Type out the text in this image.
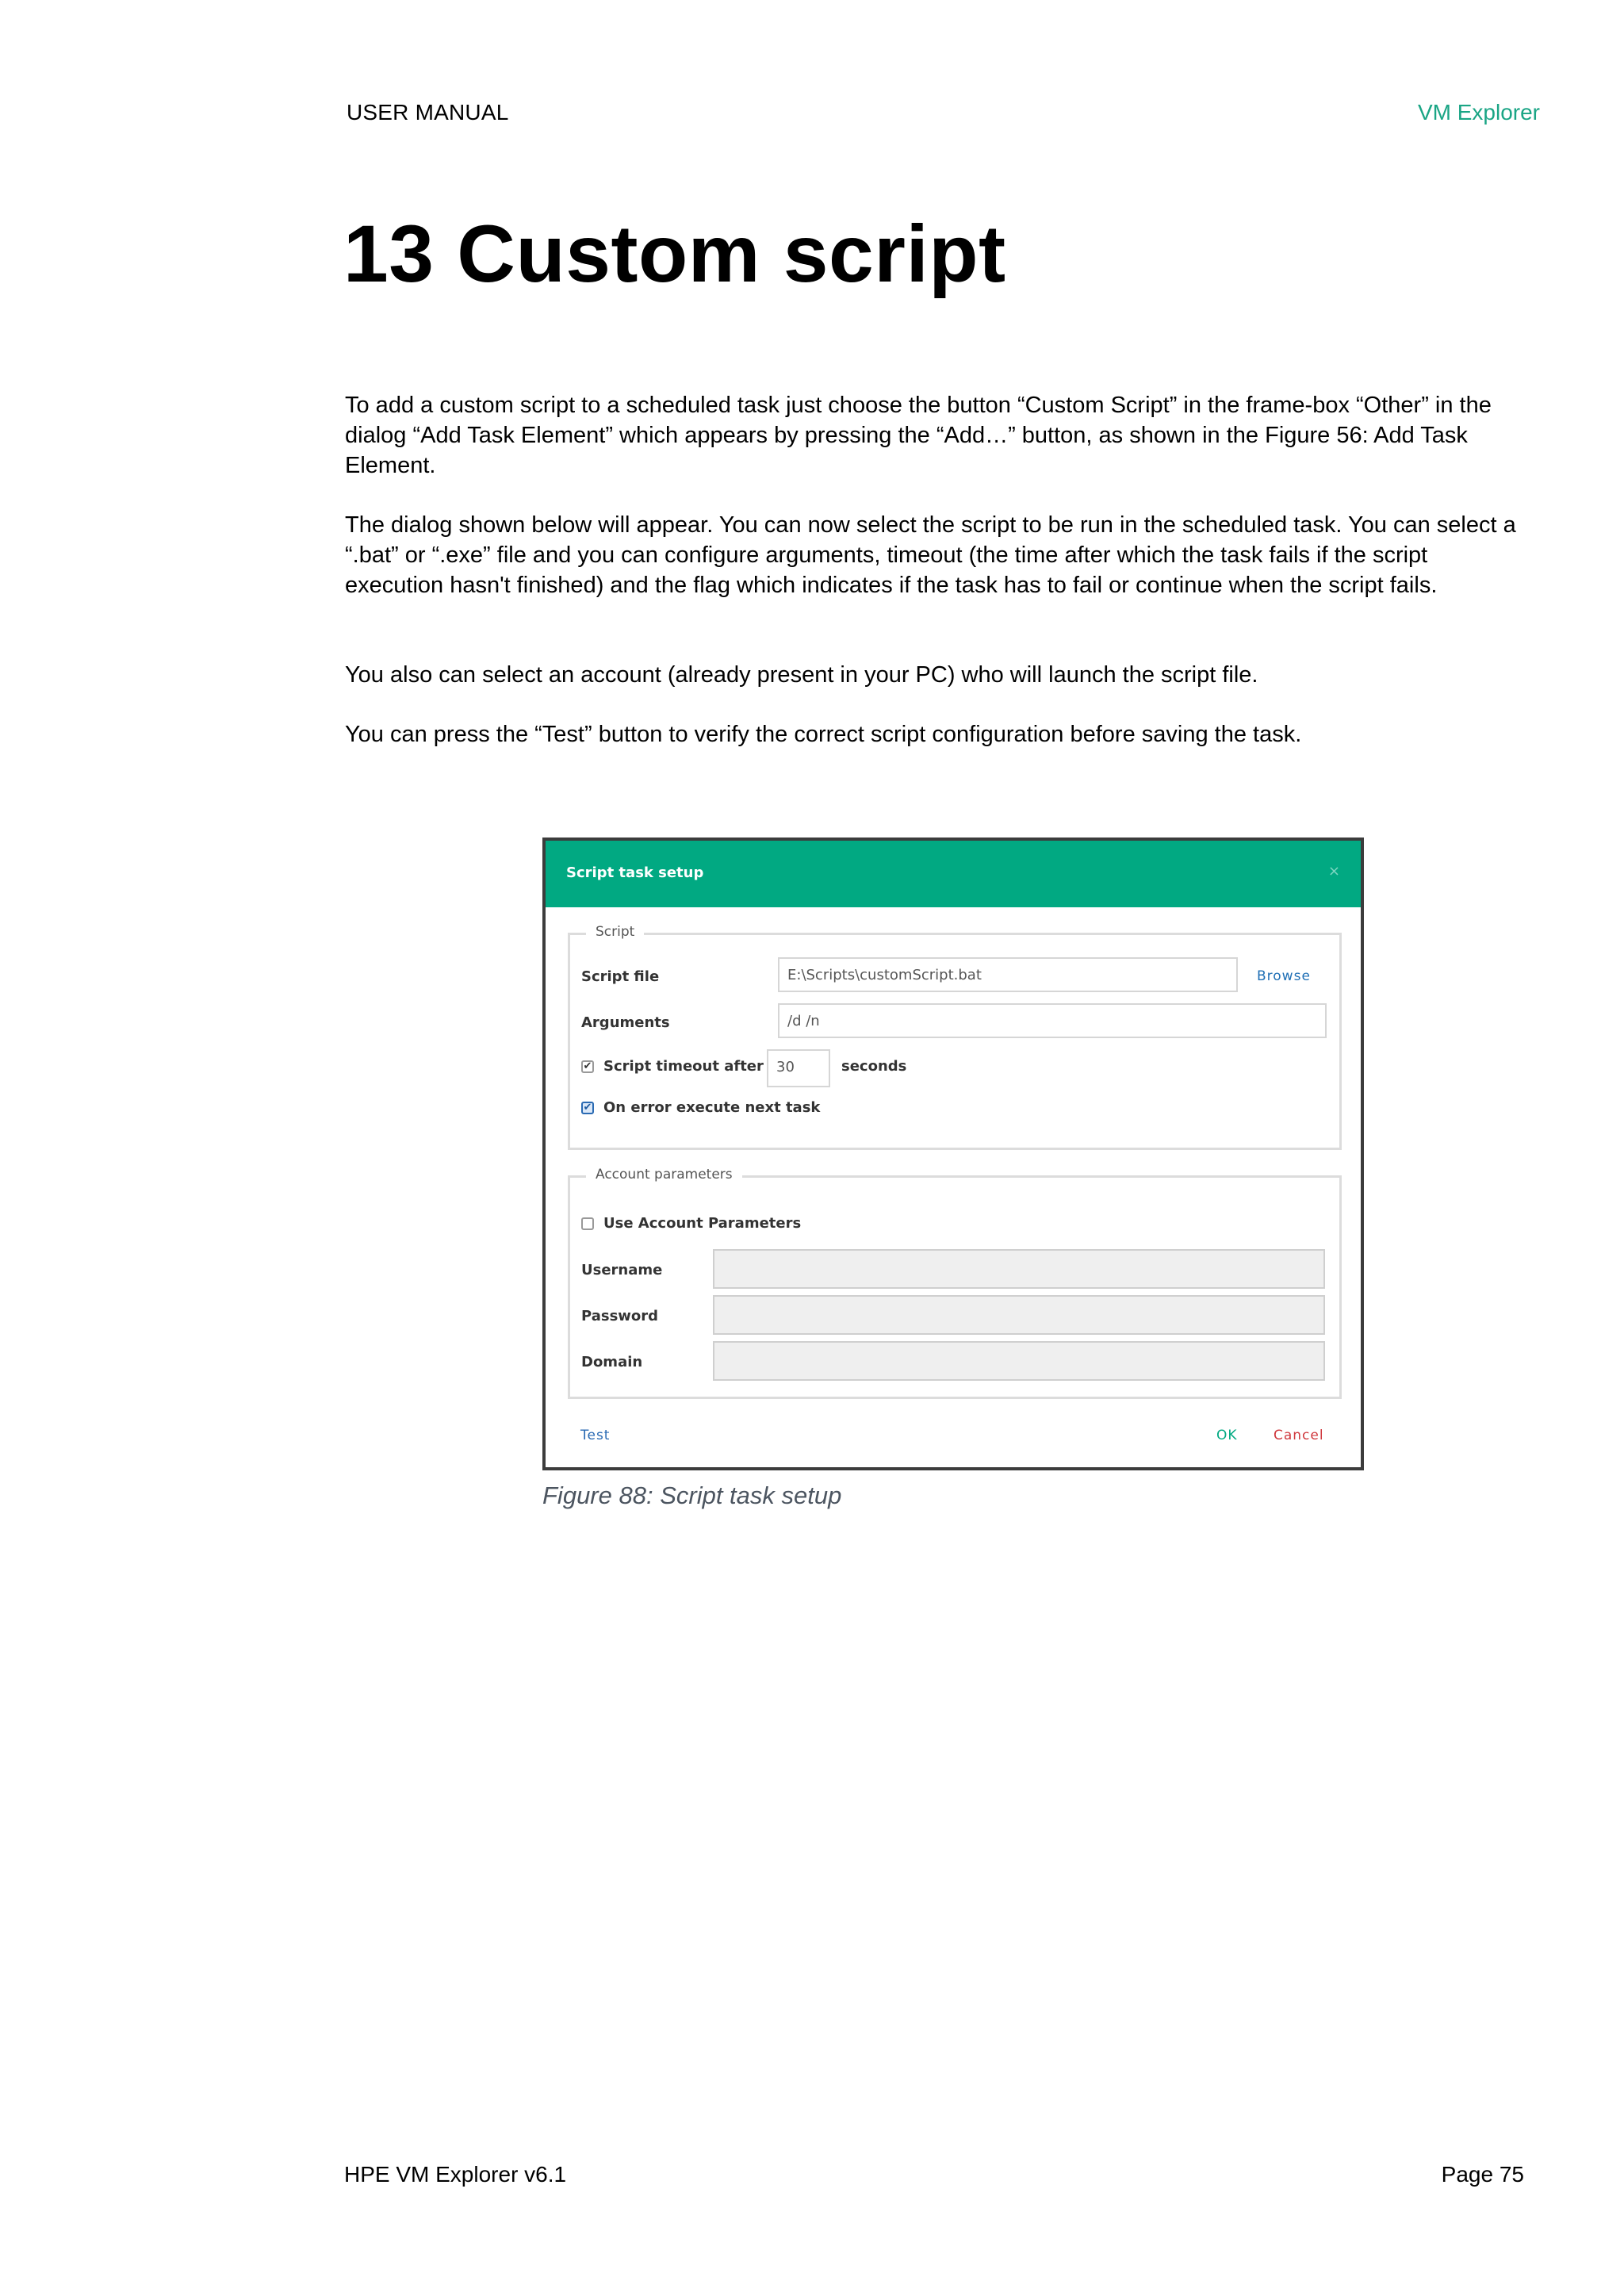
USER MANUAL	VM Explorer
13 Custom script
To add a custom script to a scheduled task just choose the button “Custom Script” in the frame-box “Other” in the dialog “Add Task Element” which appears by pressing the “Add…” button, as shown in the Figure 56: Add Task Element.
The dialog shown below will appear. You can now select the script to be run in the scheduled task. You can select a “.bat” or “.exe” file and you can configure arguments, timeout (the time after which the task fails if the script execution hasn't finished) and the flag which indicates if the task has to fail or continue when the script fails.
You also can select an account (already present in your PC) who will launch the script file.
You can press the “Test” button to verify the correct script configuration before saving the task.
Script task setup	×
Script
Script file	E:\Scripts\customScript.bat	Browse
Arguments	/d /n
✔ Script timeout after 30	seconds
✔ On error execute next task
Account parameters
Use Account Parameters
Username
Password
Domain
Test	OK	Cancel
Figure 88: Script task setup
HPE VM Explorer v6.1	Page 75
